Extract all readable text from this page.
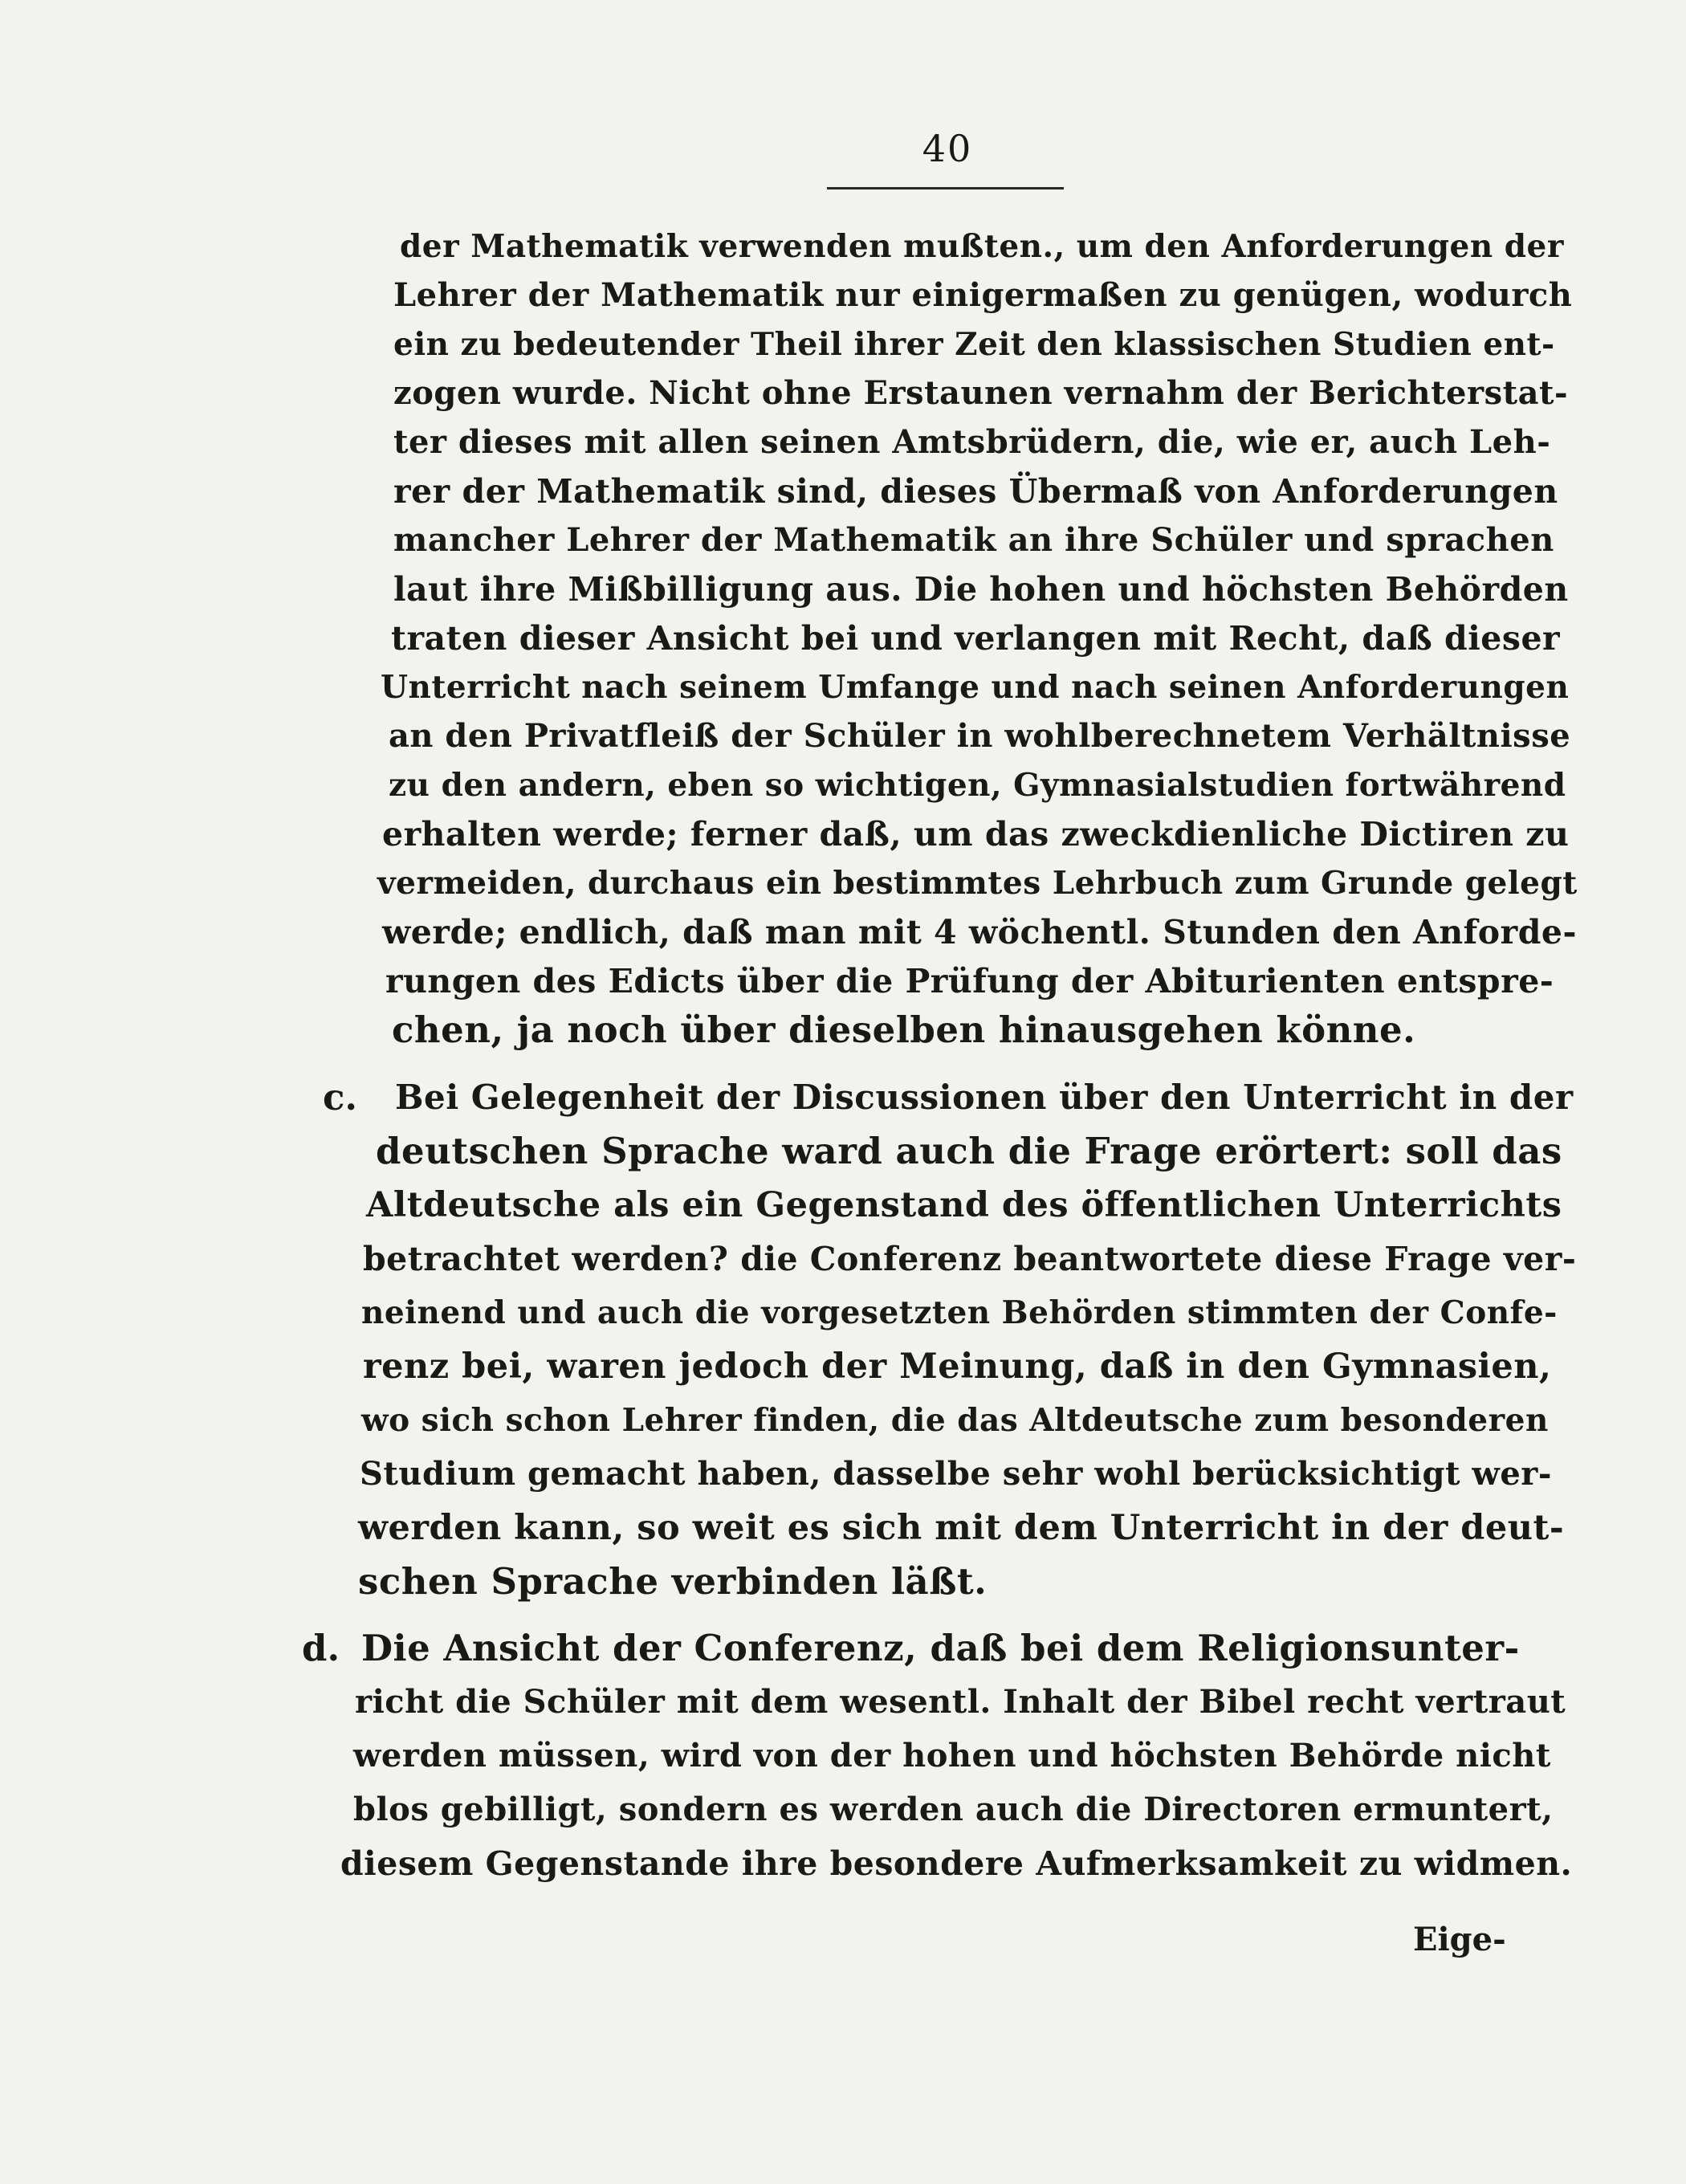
40
der Mathematik verwenden mußten., um den Anforderungen der
Lehrer der Mathematik nur einigermaßen zu genügen, wodurch
ein zu bedeutender Theil ihrer Zeit den klassischen Studien ent-
zogen wurde. Nicht ohne Erstaunen vernahm der Berichterstat-
ter dieses mit allen seinen Amtsbrüdern, die, wie er, auch Leh-
rer der Mathematik sind, dieses Übermaß von Anforderungen
mancher Lehrer der Mathematik an ihre Schüler und sprachen
laut ihre Mißbilligung aus. Die hohen und höchsten Behörden
traten dieser Ansicht bei und verlangen mit Recht, daß dieser
Unterricht nach seinem Umfange und nach seinen Anforderungen
an den Privatfleiß der Schüler in wohlberechnetem Verhältnisse
zu den andern, eben so wichtigen, Gymnasialstudien fortwährend
erhalten werde; ferner daß, um das zweckdienliche Dictiren zu
vermeiden, durchaus ein bestimmtes Lehrbuch zum Grunde gelegt
werde; endlich, daß man mit 4 wöchentl. Stunden den Anforde-
rungen des Edicts über die Prüfung der Abiturienten entspre-
chen, ja noch über dieselben hinausgehen könne.
c. Bei Gelegenheit der Discussionen über den Unterricht in der
deutschen Sprache ward auch die Frage erörtert: soll das
Altdeutsche als ein Gegenstand des öffentlichen Unterrichts
betrachtet werden? die Conferenz beantwortete diese Frage ver-
neinend und auch die vorgesetzten Behörden stimmten der Confe-
renz bei, waren jedoch der Meinung, daß in den Gymnasien,
wo sich schon Lehrer finden, die das Altdeutsche zum besonderen
Studium gemacht haben, dasselbe sehr wohl berücksichtigt wer-
werden kann, so weit es sich mit dem Unterricht in der deut-
schen Sprache verbinden läßt.
d. Die Ansicht der Conferenz, daß bei dem Religionsunter-
richt die Schüler mit dem wesentl. Inhalt der Bibel recht vertraut
werden müssen, wird von der hohen und höchsten Behörde nicht
blos gebilligt, sondern es werden auch die Directoren ermuntert,
diesem Gegenstande ihre besondere Aufmerksamkeit zu widmen.
Eige-
